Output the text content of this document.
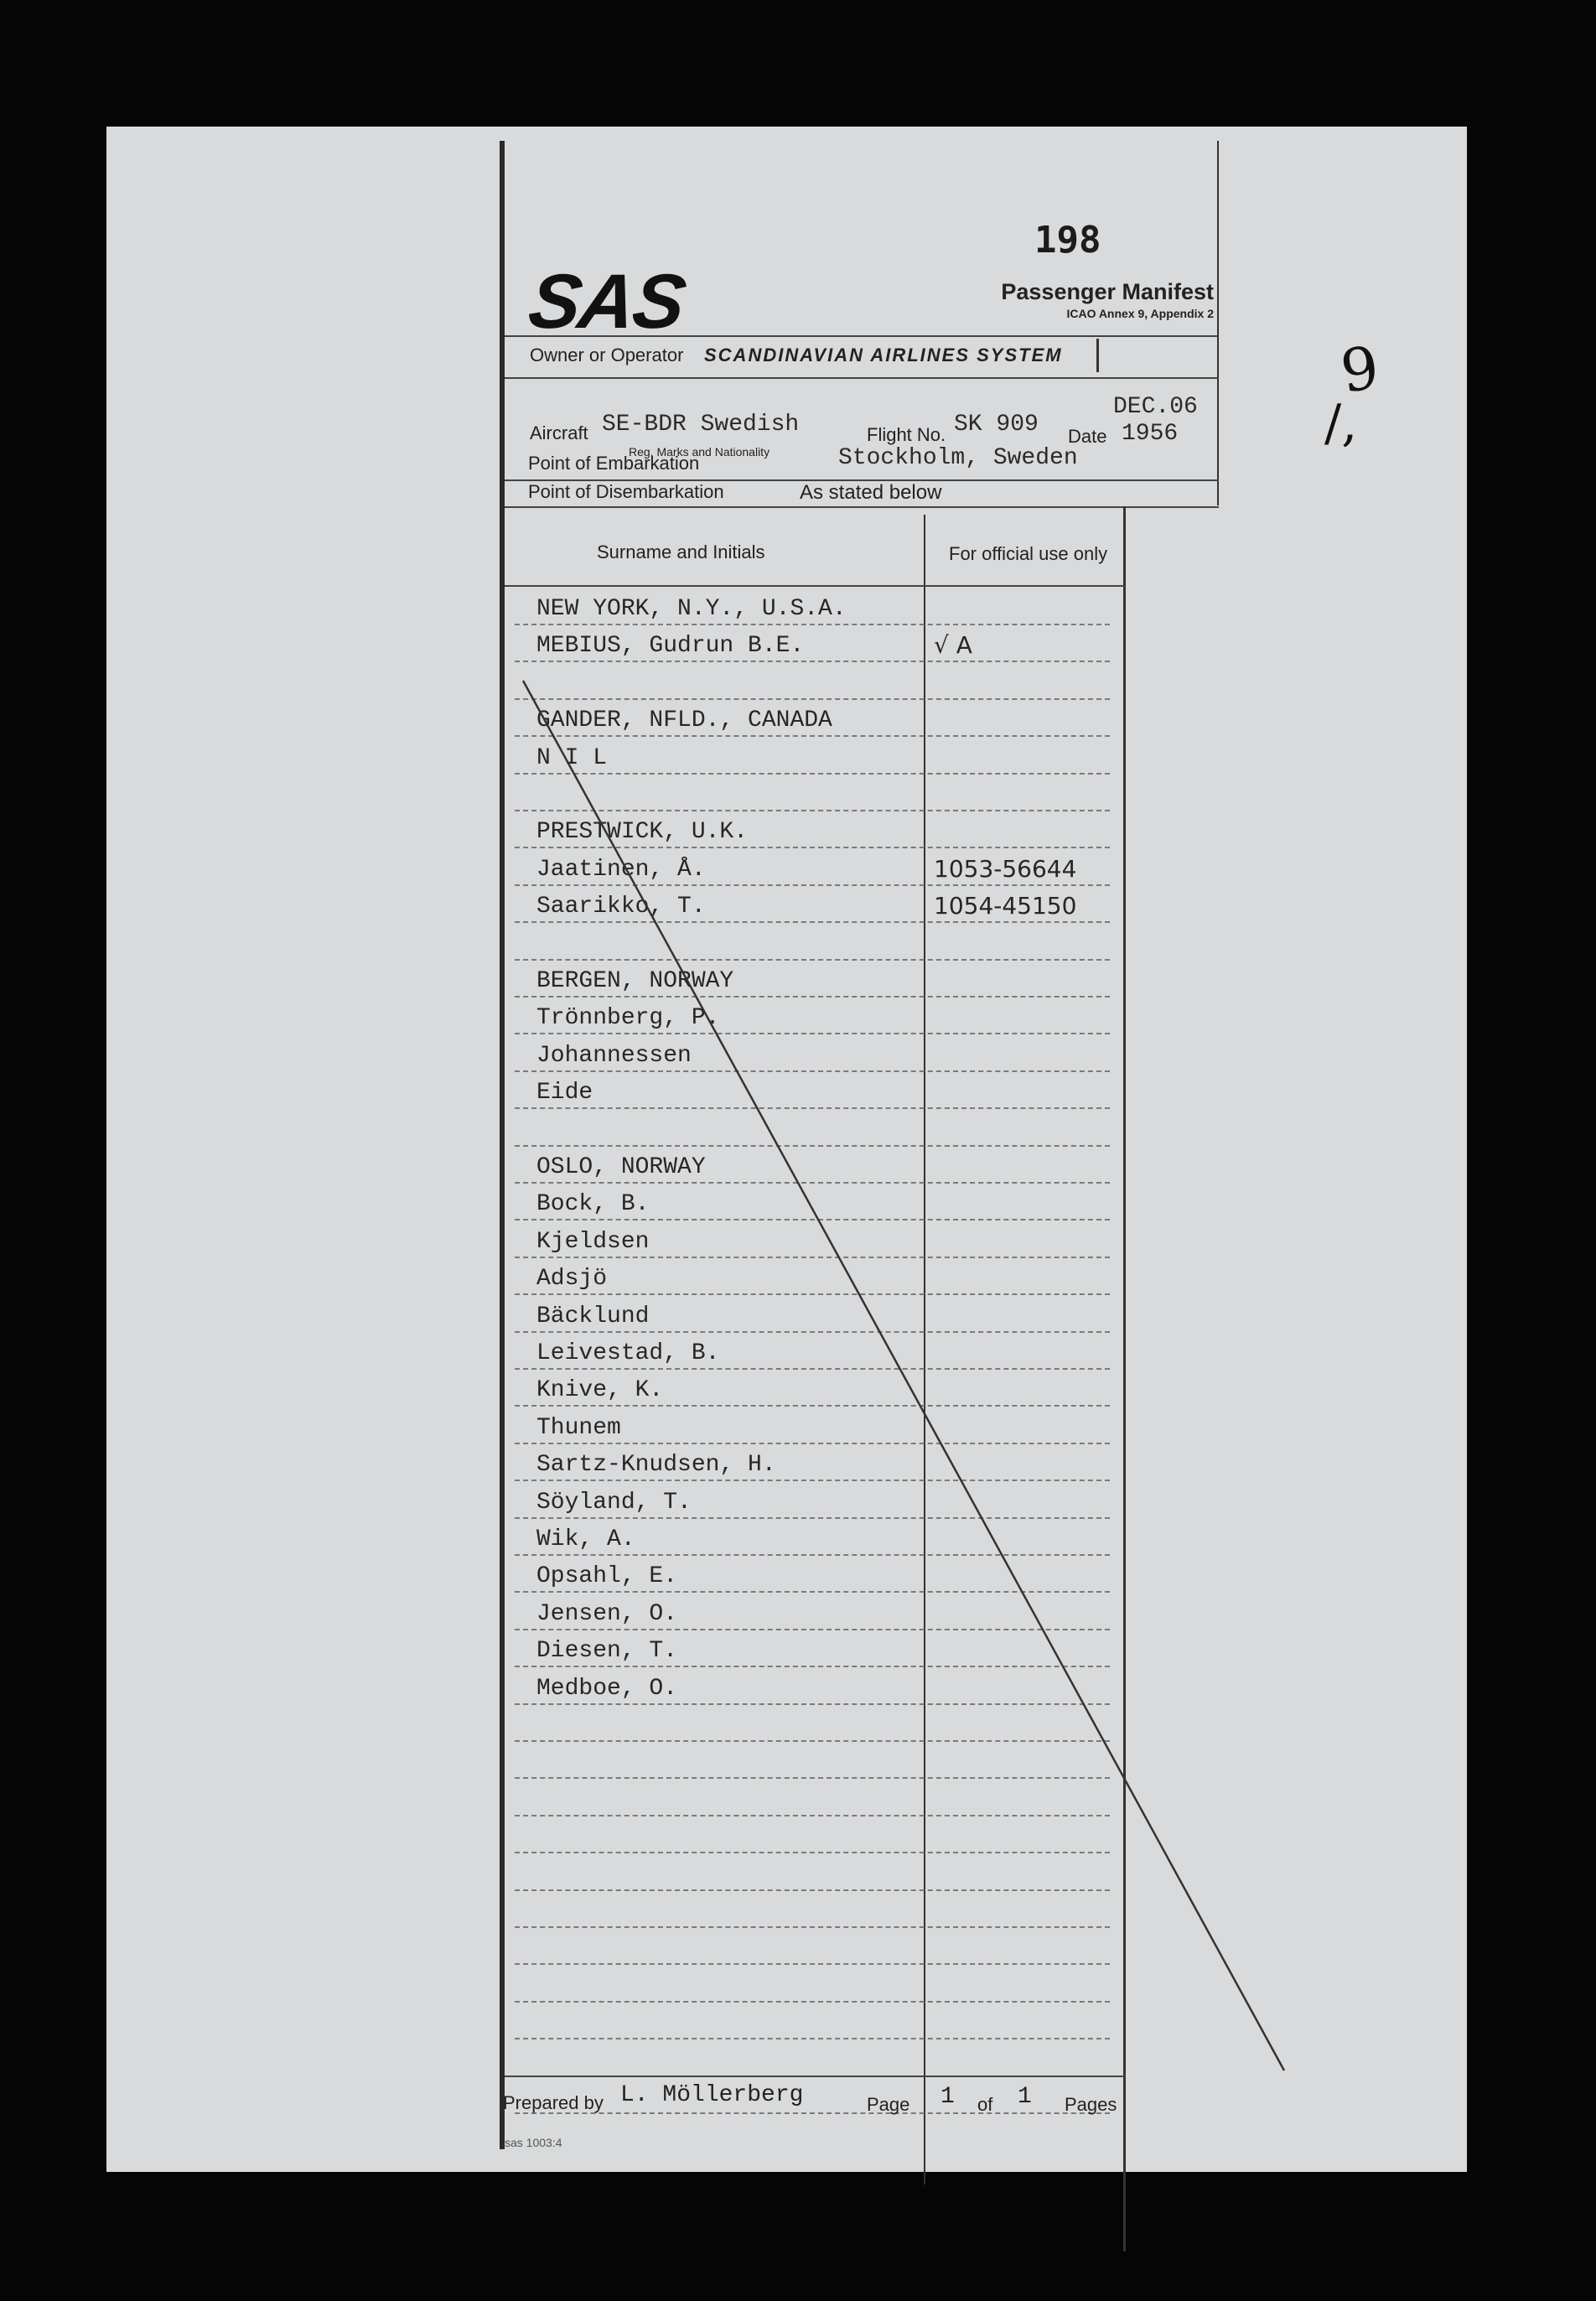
198
SAS	Passenger Manifest
ICAO Annex 9, Appendix 2
Owner or Operator SCANDINAVIAN AIRLINES SYSTEM
Aircraft SE-BDR Swedish
Reg. Marks and Nationality
Flight No. SK 909 Date
DEC.06
1956
Point of Embarkation	Stockholm, Sweden
Point of Disembarkation	As stated below
Surname and Initials	For official use only
NEW YORK, N.Y., U.S.A.
MEBIUS, Gudrun B.E.	√ A
GANDER, NFLD., CANADA
N I L
PRESTWICK, U.K.
Jaatinen, Å.	1053-56644
Saarikko, T.	1054-45150
BERGEN, NORWAY
Trönnberg, P.
Johannessen
Eide
OSLO, NORWAY
Bock, B.
Kjeldsen
Adsjö
Bäcklund
Leivestad, B.
Knive, K.
Thunem
Sartz-Knudsen, H.
Söyland, T.
Wik, A.
Opsahl, E.
Jensen, O.
Diesen, T.
Medboe, O.
Prepared by L. Möllerberg	Page 1 of 1 Pages
sas 1003:4
9
/,
